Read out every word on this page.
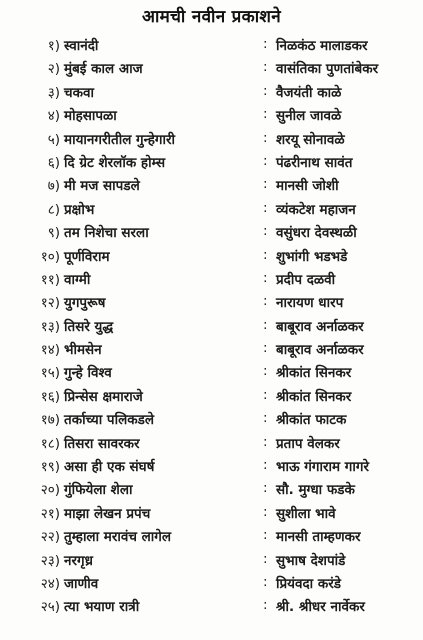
आमची नवीन प्रकाशने
१) स्वानंदी	: निळकंठ मालाडकर
२) मुंबई काल आज	: वासंतिका पुणतांबेकर
३) चकवा	: वैजयंती काळे
४) मोहसापळा	: सुनील जावळे
५) मायानगरीतील गुन्हेगारी	: शरयू सोनावळे
६) दि ग्रेट शेरलॉक होम्स	: पंढरीनाथ सावंत
७) मी मज सापडले	: मानसी जोशी
८) प्रक्षोभ	: व्यंकटेश महाजन
९) तम निशेचा सरला	: वसुंधरा देवस्थळी
१०) पूर्णविराम	: शुभांगी भडभडे
११) वाग्मी	: प्रदीप दळवी
१२) युगपुरूष	: नारायण धारप
१३) तिसरे युद्ध	: बाबूराव अर्नाळकर
१४) भीमसेन	: बाबूराव अर्नाळकर
१५) गुन्हे विश्व	: श्रीकांत सिनकर
१६) प्रिन्सेस क्षमाराजे	: श्रीकांत सिनकर
१७) तर्काच्या पलिकडले	: श्रीकांत फाटक
१८) तिसरा सावरकर	: प्रताप वेलकर
१९) असा ही एक संघर्ष	: भाऊ गंगाराम गागरे
२०) गुंफियेला शेला	: सौ. मुग्धा फडके
२१) माझा लेखन प्रपंच	: सुशीला भावे
२२) तुम्हाला मरावंच लागेल	: मानसी ताम्हणकर
२३) नरगृध्र	: सुभाष देशपांडे
२४) जाणीव	: प्रियंवदा करंडे
२५) त्या भयाण रात्री	: श्री. श्रीधर नार्वेकर
